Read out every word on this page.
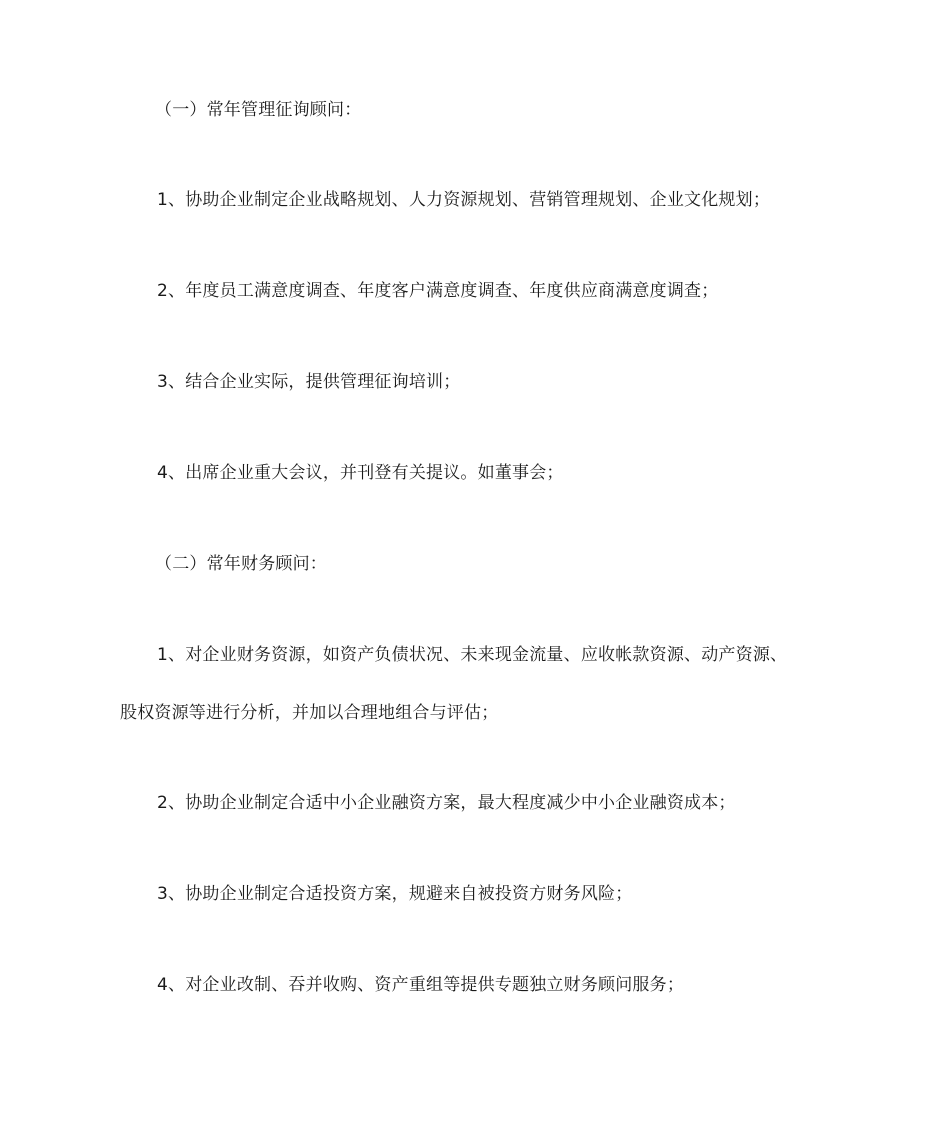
（一）常年管理征询顾问：
1、协助企业制定企业战略规划、人力资源规划、营销管理规划、企业文化规划；
2、年度员工满意度调查、年度客户满意度调查、年度供应商满意度调查；
3、结合企业实际，提供管理征询培训；
4、出席企业重大会议，并刊登有关提议。如董事会；
（二）常年财务顾问：
1、对企业财务资源，如资产负债状况、未来现金流量、应收帐款资源、动产资源、
股权资源等进行分析，并加以合理地组合与评估；
2、协助企业制定合适中小企业融资方案，最大程度减少中小企业融资成本；
3、协助企业制定合适投资方案，规避来自被投资方财务风险；
4、对企业改制、吞并收购、资产重组等提供专题独立财务顾问服务；
